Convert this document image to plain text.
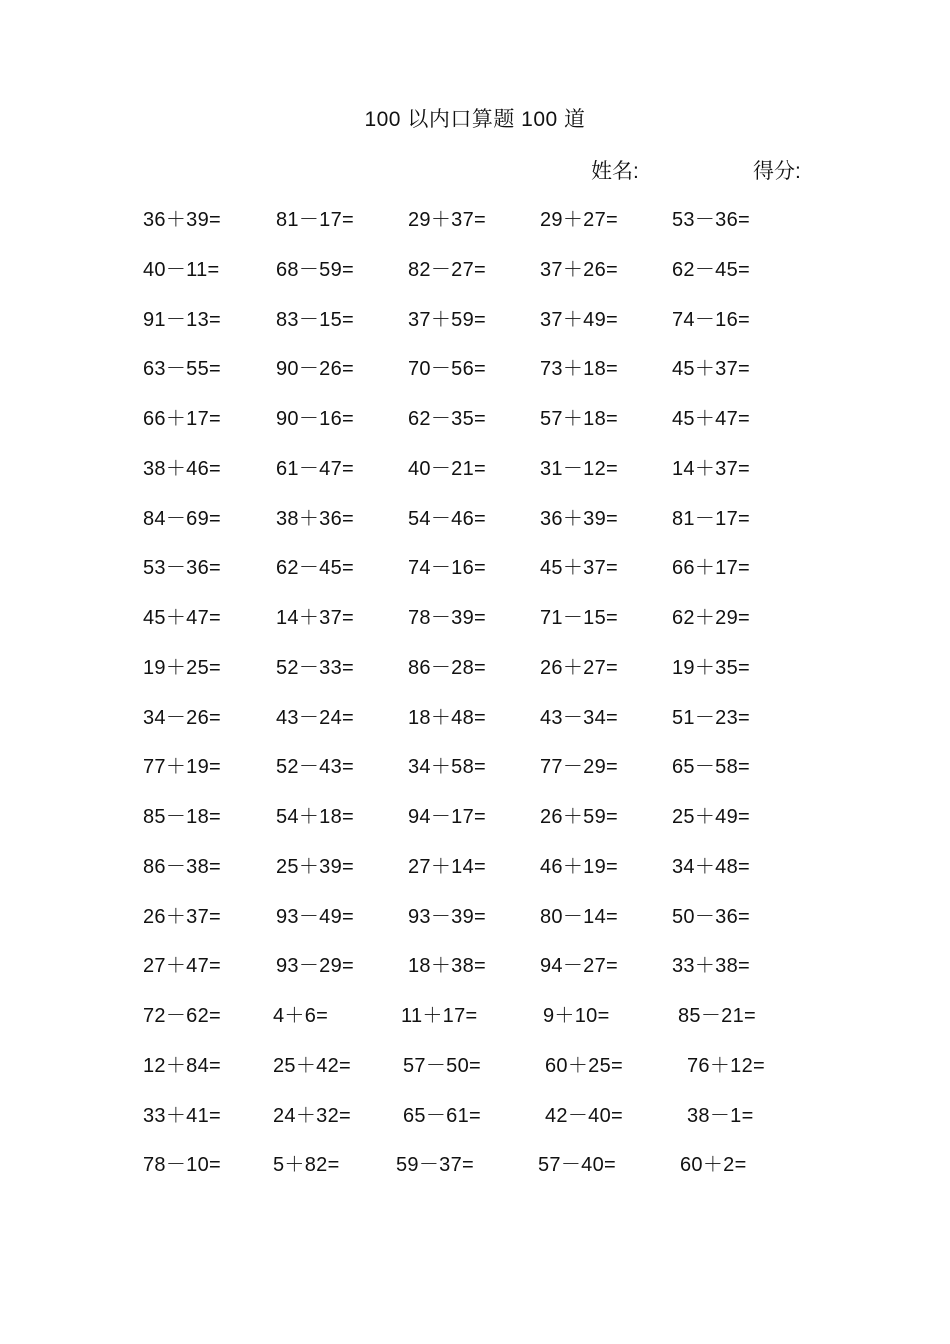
100 以内口算题 100 道
姓名:	得分:
36＋39=	81－17=	29＋37=	29＋27=	53－36=
40－11=	68－59=	82－27=	37＋26=	62－45=
91－13=	83－15=	37＋59=	37＋49=	74－16=
63－55=	90－26=	70－56=	73＋18=	45＋37=
66＋17=	90－16=	62－35=	57＋18=	45＋47=
38＋46=	61－47=	40－21=	31－12=	14＋37=
84－69=	38＋36=	54－46=	36＋39=	81－17=
53－36=	62－45=	74－16=	45＋37=	66＋17=
45＋47=	14＋37=	78－39=	71－15=	62＋29=
19＋25=	52－33=	86－28=	26＋27=	19＋35=
34－26=	43－24=	18＋48=	43－34=	51－23=
77＋19=	52－43=	34＋58=	77－29=	65－58=
85－18=	54＋18=	94－17=	26＋59=	25＋49=
86－38=	25＋39=	27＋14=	46＋19=	34＋48=
26＋37=	93－49=	93－39=	80－14=	50－36=
27＋47=	93－29=	18＋38=	94－27=	33＋38=
72－62=	4＋6=	11＋17=	9＋10=	85－21=
12＋84=	25＋42=	57－50=	60＋25=	76＋12=
33＋41=	24＋32=	65－61=	42－40=	38－1=
78－10=	5＋82=	59－37=	57－40=	60＋2=
